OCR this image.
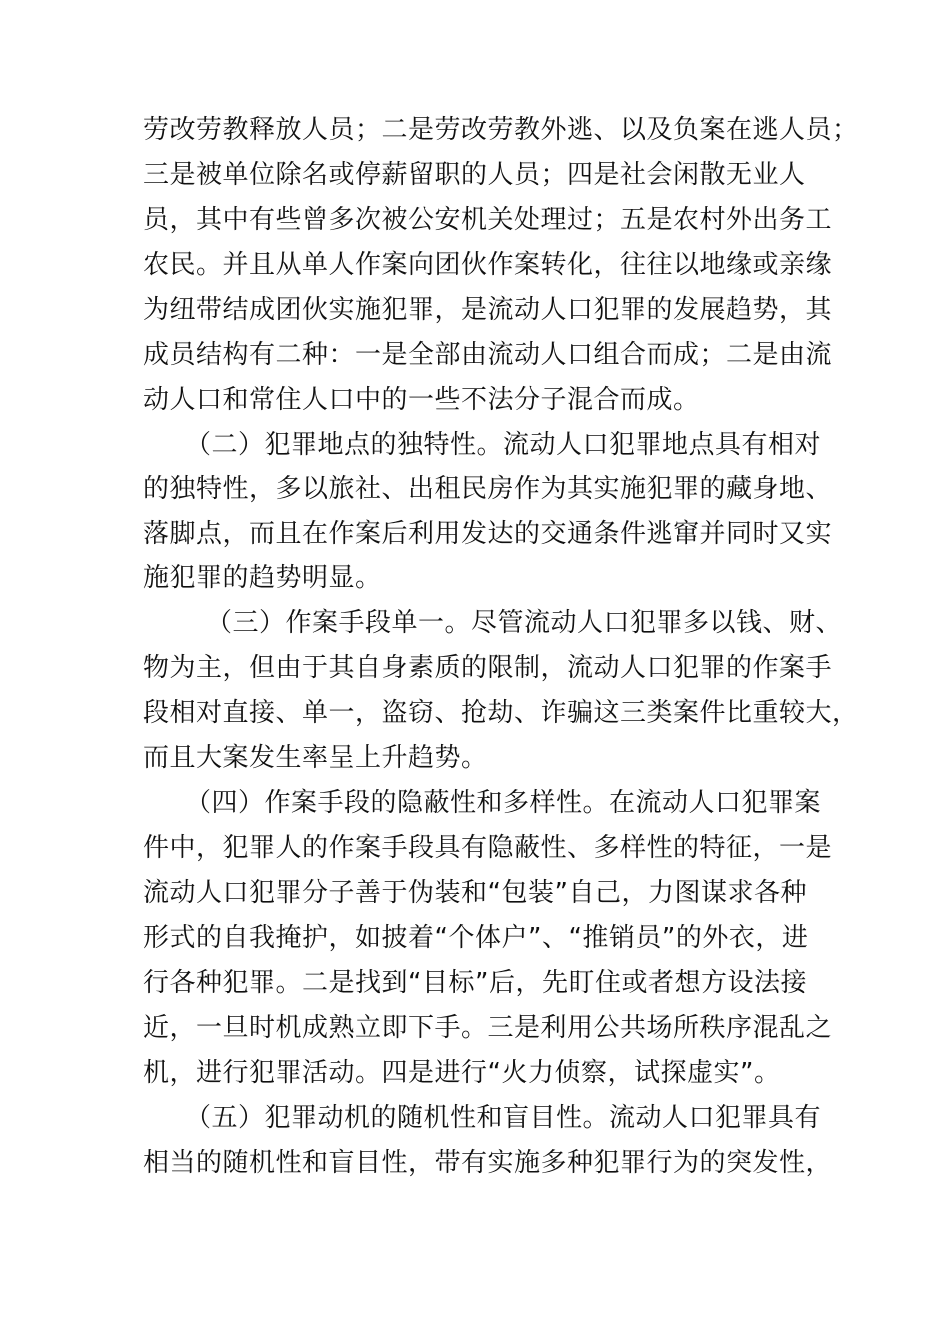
劳改劳教释放人员；二是劳改劳教外逃、以及负案在逃人员；
三是被单位除名或停薪留职的人员；四是社会闲散无业人
员，其中有些曾多次被公安机关处理过；五是农村外出务工
农民。并且从单人作案向团伙作案转化，往往以地缘或亲缘
为纽带结成团伙实施犯罪，是流动人口犯罪的发展趋势，其
成员结构有二种：一是全部由流动人口组合而成；二是由流
动人口和常住人口中的一些不法分子混合而成。
（二）犯罪地点的独特性。流动人口犯罪地点具有相对
的独特性，多以旅社、出租民房作为其实施犯罪的藏身地、
落脚点，而且在作案后利用发达的交通条件逃窜并同时又实
施犯罪的趋势明显。
（三）作案手段单一。尽管流动人口犯罪多以钱、财、
物为主，但由于其自身素质的限制，流动人口犯罪的作案手
段相对直接、单一，盗窃、抢劫、诈骗这三类案件比重较大，
而且大案发生率呈上升趋势。
（四）作案手段的隐蔽性和多样性。在流动人口犯罪案
件中，犯罪人的作案手段具有隐蔽性、多样性的特征，一是
流动人口犯罪分子善于伪装和“包装”自己，力图谋求各种
形式的自我掩护，如披着“个体户”、“推销员”的外衣，进
行各种犯罪。二是找到“目标”后，先盯住或者想方设法接
近，一旦时机成熟立即下手。三是利用公共场所秩序混乱之
机，进行犯罪活动。四是进行“火力侦察，试探虚实”。
（五）犯罪动机的随机性和盲目性。流动人口犯罪具有
相当的随机性和盲目性，带有实施多种犯罪行为的突发性，
